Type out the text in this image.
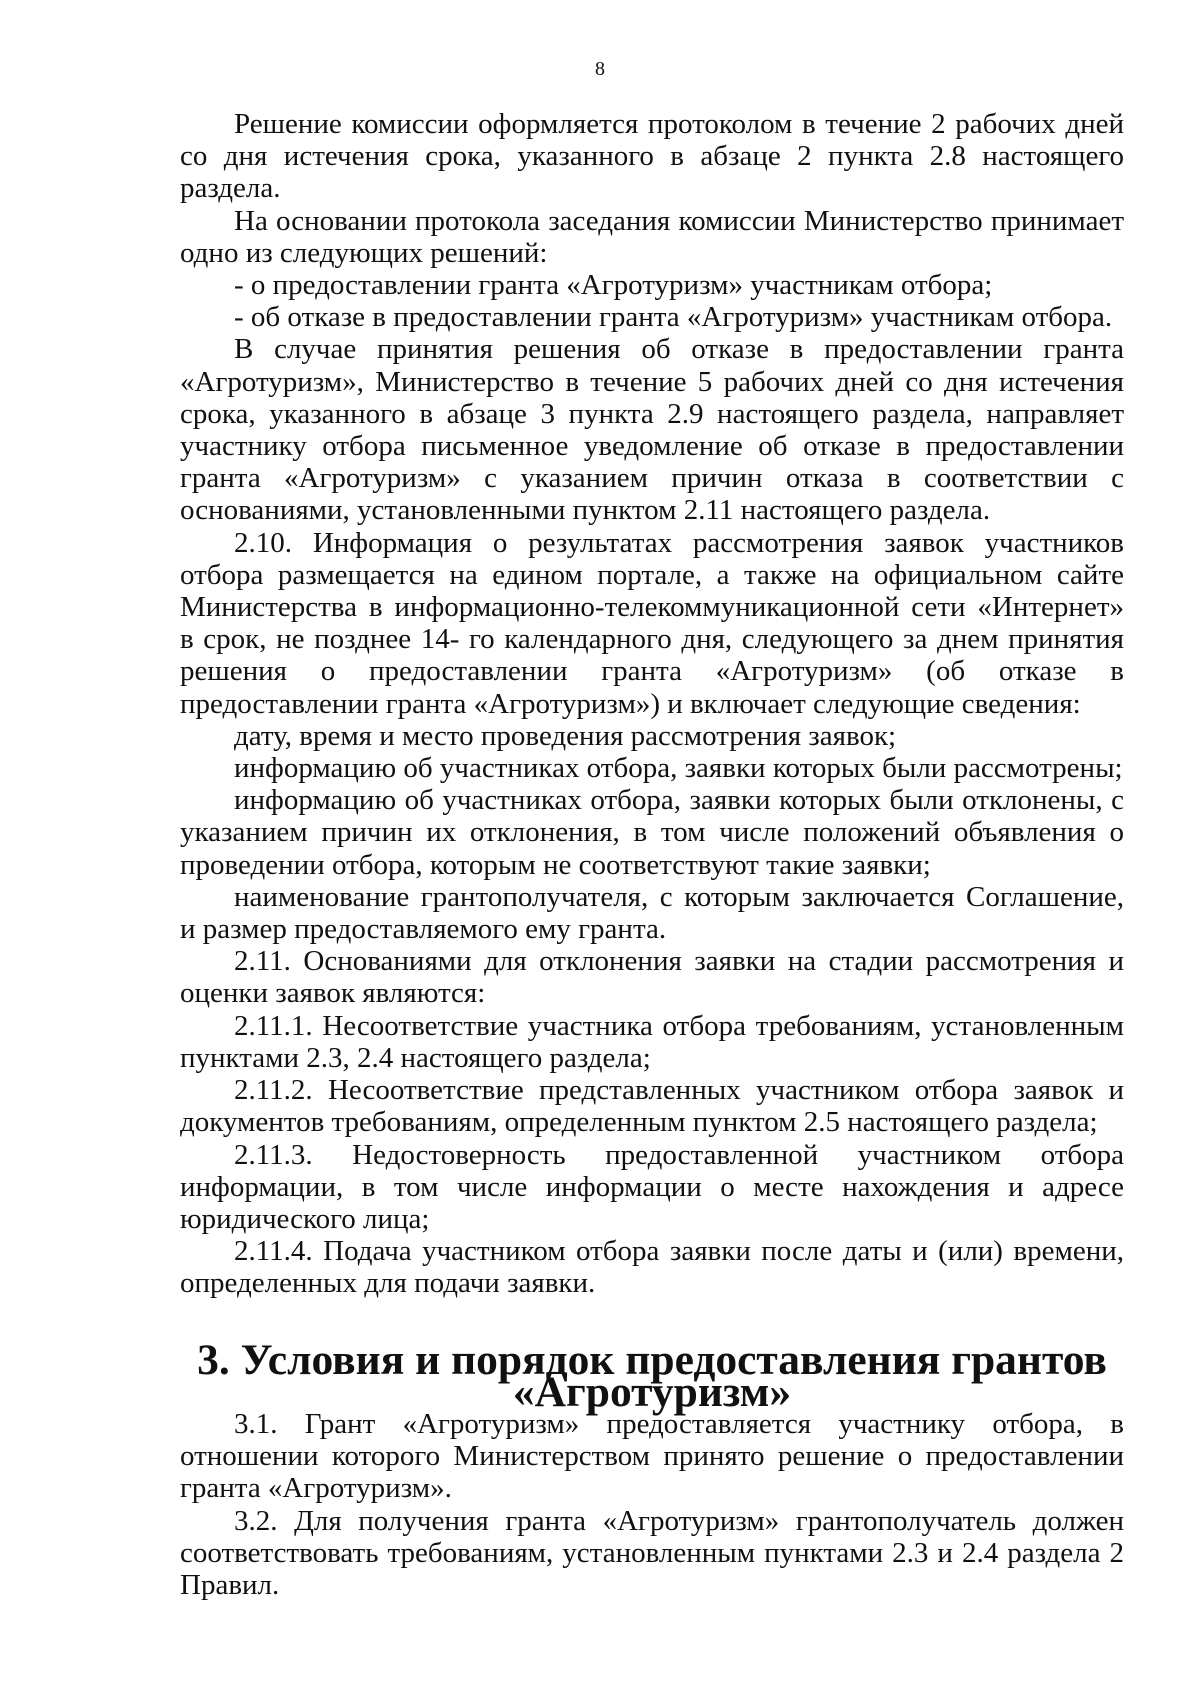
8

Решение комиссии оформляется протоколом в течение 2 рабочих дней со дня истечения срока, указанного в абзаце 2 пункта 2.8 настоящего раздела.

На основании протокола заседания комиссии Министерство принимает одно из следующих решений:

- о предоставлении гранта «Агротуризм» участникам отбора;

- об отказе в предоставлении гранта «Агротуризм» участникам отбора.

В случае принятия решения об отказе в предоставлении гранта «Агротуризм», Министерство в течение 5 рабочих дней со дня истечения срока, указанного в абзаце 3 пункта 2.9 настоящего раздела, направляет участнику отбора письменное уведомление об отказе в предоставлении гранта «Агротуризм» с указанием причин отказа в соответствии с основаниями, установленными пунктом 2.11 настоящего раздела.

2.10. Информация о результатах рассмотрения заявок участников отбора размещается на едином портале, а также на официальном сайте Министерства в информационно-телекоммуникационной сети «Интернет» в срок, не позднее 14- го календарного дня, следующего за днем принятия решения о предоставлении гранта «Агротуризм» (об отказе в предоставлении гранта «Агротуризм») и включает следующие сведения:

дату, время и место проведения рассмотрения заявок;

информацию об участниках отбора, заявки которых были рассмотрены;

информацию об участниках отбора, заявки которых были отклонены, с указанием причин их отклонения, в том числе положений объявления о проведении отбора, которым не соответствуют такие заявки;

наименование грантополучателя, с которым заключается Соглашение, и размер предоставляемого ему гранта.

2.11. Основаниями для отклонения заявки на стадии рассмотрения и оценки заявок являются:

2.11.1. Несоответствие участника отбора требованиям, установленным пунктами 2.3, 2.4 настоящего раздела;

2.11.2. Несоответствие представленных участником отбора заявок и документов требованиям, определенным пунктом 2.5 настоящего раздела;

2.11.3. Недостоверность предоставленной участником отбора информации, в том числе информации о месте нахождения и адресе юридического лица;

2.11.4. Подача участником отбора заявки после даты и (или) времени, определенных для подачи заявки.

3. Условия и порядок предоставления грантов «Агротуризм»

3.1. Грант «Агротуризм» предоставляется участнику отбора, в отношении которого Министерством принято решение о предоставлении гранта «Агротуризм».

3.2. Для получения гранта «Агротуризм» грантополучатель должен соответствовать требованиям, установленным пунктами 2.3 и 2.4 раздела 2 Правил.
